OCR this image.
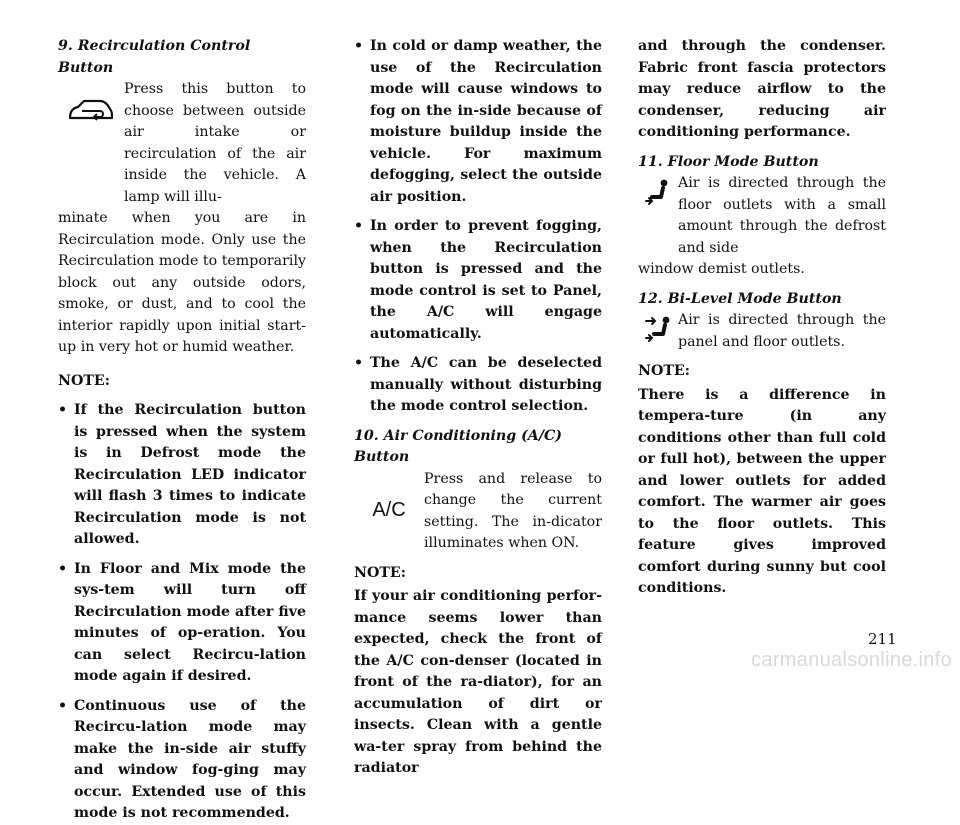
9. Recirculation Control Button

Press this button to choose between outside air intake or recirculation of the air inside the vehicle. A lamp will illu-

minate when you are in Recirculation mode. Only use the Recirculation mode to temporarily block out any outside odors, smoke, or dust, and to cool the interior rapidly upon initial start-up in very hot or humid weather.

NOTE:

• If the Recirculation button is pressed when the system is in Defrost mode the Recirculation LED indicator will flash 3 times to indicate Recirculation mode is not allowed.
• In Floor and Mix mode the sys-tem will turn off Recirculation mode after five minutes of op-eration. You can select Recircu-lation mode again if desired.
• Continuous use of the Recircu-lation mode may make the in-side air stuffy and window fog-ging may occur. Extended use of this mode is not recommended.
• In cold or damp weather, the use of the Recirculation mode will cause windows to fog on the in-side because of moisture buildup inside the vehicle. For maximum defogging, select the outside air position.
• In order to prevent fogging, when the Recirculation button is pressed and the mode control is set to Panel, the A/C will engage automatically.
• The A/C can be deselected manually without disturbing the mode control selection.

10. Air Conditioning (A/C) Button

A/C

Press and release to change the current setting. The in-dicator illuminates when ON.

NOTE:

If your air conditioning perfor-mance seems lower than expected, check the front of the A/C con-denser (located in front of the ra-diator), for an accumulation of dirt or insects. Clean with a gentle wa-ter spray from behind the radiator

and through the condenser. Fabric front fascia protectors may reduce airflow to the condenser, reducing air conditioning performance.

11. Floor Mode Button

Air is directed through the floor outlets with a small amount through the defrost and side

window demist outlets.

12. Bi-Level Mode Button

Air is directed through the panel and floor outlets.

NOTE:

There is a difference in tempera-ture (in any conditions other than full cold or full hot), between the upper and lower outlets for added comfort. The warmer air goes to the floor outlets. This feature gives improved comfort during sunny but cool conditions.

211
carmanualsonline.info
